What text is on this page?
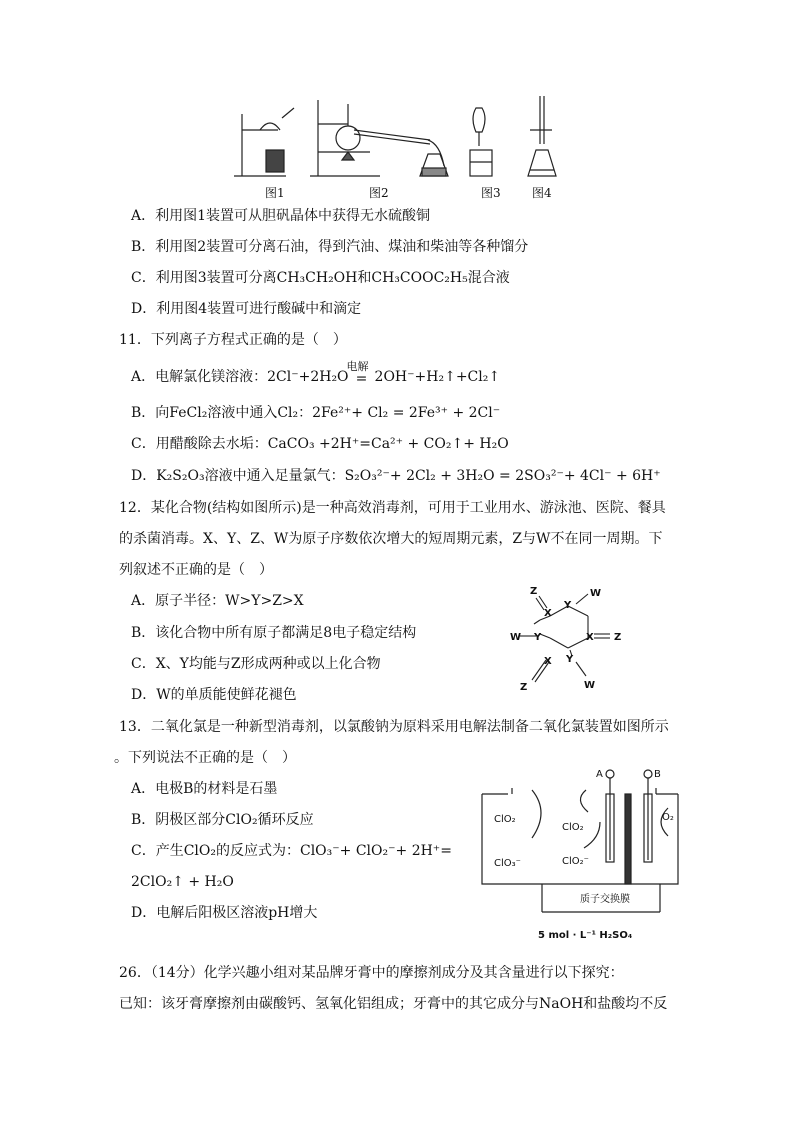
图1	图2	图3	图4
A．利用图1装置可从胆矾晶体中获得无水硫酸铜
B．利用图2装置可分离石油，得到汽油、煤油和柴油等各种馏分
C．利用图3装置可分离CH₃CH₂OH和CH₃COOC₂H₅混合液
D．利用图4装置可进行酸碱中和滴定
11．下列离子方程式正确的是（　）
A．电解氯化镁溶液：2Cl⁻+2H₂O
电解
= 2OH⁻+H₂↑+Cl₂↑
B．向FeCl₂溶液中通入Cl₂：2Fe²⁺+ Cl₂ = 2Fe³⁺ + 2Cl⁻
C．用醋酸除去水垢：CaCO₃ +2H⁺=Ca²⁺ + CO₂↑+ H₂O
D．K₂S₂O₃溶液中通入足量氯气：S₂O₃²⁻+ 2Cl₂ + 3H₂O = 2SO₃²⁻+ 4Cl⁻ + 6H⁺
12．某化合物(结构如图所示)是一种高效消毒剂，可用于工业用水、游泳池、医院、餐具
的杀菌消毒。X、Y、Z、W为原子序数依次增大的短周期元素，Z与W不在同一周期。下
列叙述不正确的是（　）
A．原子半径：W>Y>Z>X
B．该化合物中所有原子都满足8电子稳定结构
C．X、Y均能与Z形成两种或以上化合物
D．W的单质能使鲜花褪色
Z
Y
W
X
X
W Y	Z
X Y
Z	W
13．二氧化氯是一种新型消毒剂，以氯酸钠为原料采用电解法制备二氧化氯装置如图所示
。下列说法不正确的是（　）
A．电极B的材料是石墨
B．阴极区部分ClO₂循环反应
C．产生ClO₂的反应式为：ClO₃⁻+ ClO₂⁻+ 2H⁺=
2ClO₂↑ + H₂O
D．电解后阳极区溶液pH增大
A	B
ClO₂
ClO₃⁻
ClO₂
ClO₂⁻
O₂
质子交换膜
5 mol · L⁻¹ H₂SO₄
26．（14分）化学兴趣小组对某品牌牙膏中的摩擦剂成分及其含量进行以下探究：
已知：该牙膏摩擦剂由碳酸钙、氢氧化铝组成；牙膏中的其它成分与NaOH和盐酸均不反
